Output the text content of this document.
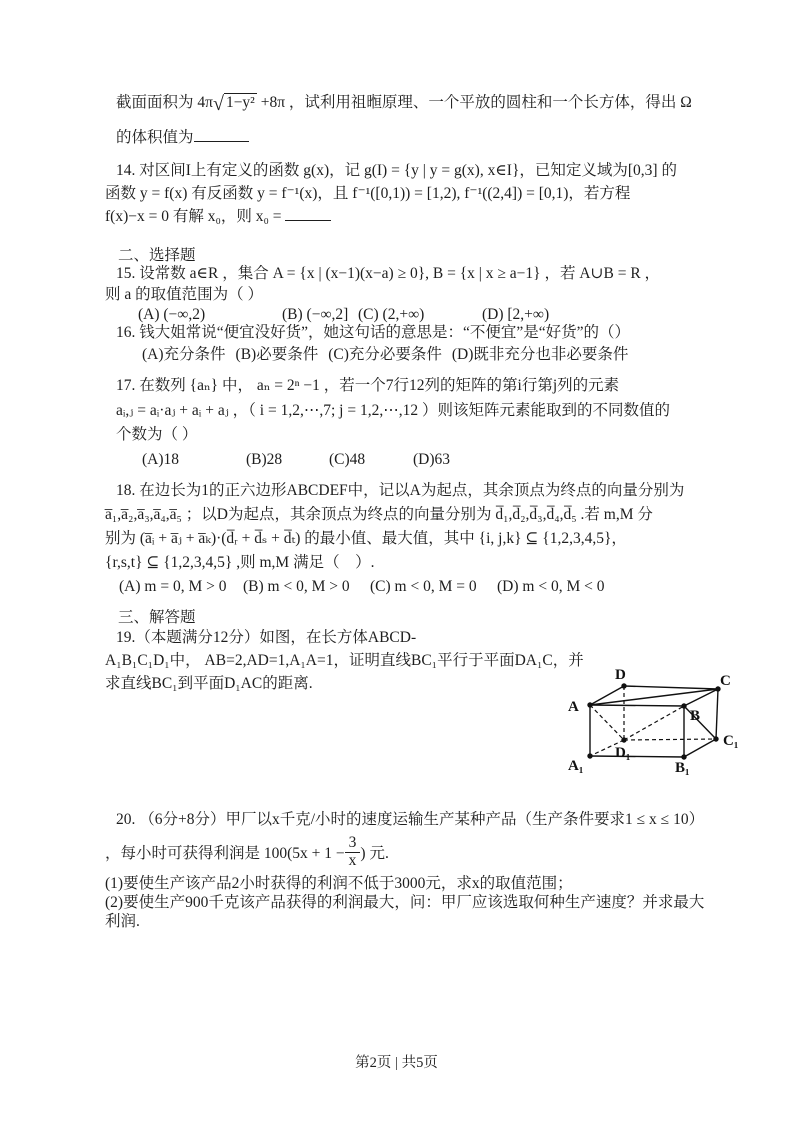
截面面积为 4π√ 1−y² +8π ，试利用祖暅原理、一个平放的圆柱和一个长方体，得出 Ω
的体积值为
14. 对区间I上有定义的函数 g(x)，记 g(I) = {y | y = g(x), x∈I}，已知定义域为[0,3] 的
函数 y = f(x) 有反函数 y = f⁻¹(x)，且 f⁻¹([0,1)) = [1,2), f⁻¹((2,4]) = [0,1)，若方程
f(x)−x = 0 有解 x₀，则 x₀ =
二、选择题
15. 设常数 a∈R ，集合 A = {x | (x−1)(x−a) ≥ 0}, B = {x | x ≥ a−1} ，若 A∪B = R ，
则 a 的取值范围为（ ）
(A) (−∞,2)	(B) (−∞,2] (C) (2,+∞)	(D) [2,+∞)
16. 钱大姐常说“便宜没好货”，她这句话的意思是：“不便宜”是“好货”的（）
(A)充分条件 (B)必要条件 (C)充分必要条件 (D)既非充分也非必要条件
17. 在数列 {aₙ} 中， aₙ = 2ⁿ −1 ，若一个7行12列的矩阵的第i行第j列的元素
aᵢ,ⱼ = aᵢ·aⱼ + aᵢ + aⱼ ，（ i = 1,2,⋯,7; j = 1,2,⋯,12 ）则该矩阵元素能取到的不同数值的
个数为（ ）
(A)18	(B)28	(C)48	(D)63
18. 在边长为1的正六边形ABCDEF中，记以A为起点，其余顶点为终点的向量分别为
a̅₁,a̅₂,a̅₃,a̅₄,a̅₅ ；以D为起点，其余顶点为终点的向量分别为 d̅₁,d̅₂,d̅₃,d̅₄,d̅₅ .若 m,M 分
别为 (a̅ᵢ + a̅ⱼ + a̅ₖ)·(d̅ᵣ + d̅ₛ + d̅ₜ) 的最小值、最大值，其中 {i, j,k} ⊆ {1,2,3,4,5}，
{r,s,t} ⊆ {1,2,3,4,5} ,则 m,M 满足（　）.
(A) m = 0, M > 0 (B) m < 0, M > 0 (C) m < 0, M = 0 (D) m < 0, M < 0
三、解答题
19.（本题满分12分）如图，在长方体ABCD-
A₁B₁C₁D₁中， AB=2,AD=1,A₁A=1，证明直线BC₁平行于平面DA₁C，并
求直线BC₁到平面D₁AC的距离.
A
B
C
D
A₁	B₁
C₁
D₁
20. （6分+8分）甲厂以x千克/小时的速度运输生产某种产品（生产条件要求1 ≤ x ≤ 10）
，每小时可获得利润是 $100(5x + 1 - \frac{3}{x}$ ) 元.
(1)要使生产该产品2小时获得的利润不低于3000元，求x的取值范围；
(2)要使生产900千克该产品获得的利润最大，问：甲厂应该选取何种生产速度？并求最大
利润.
第2页 | 共5页
